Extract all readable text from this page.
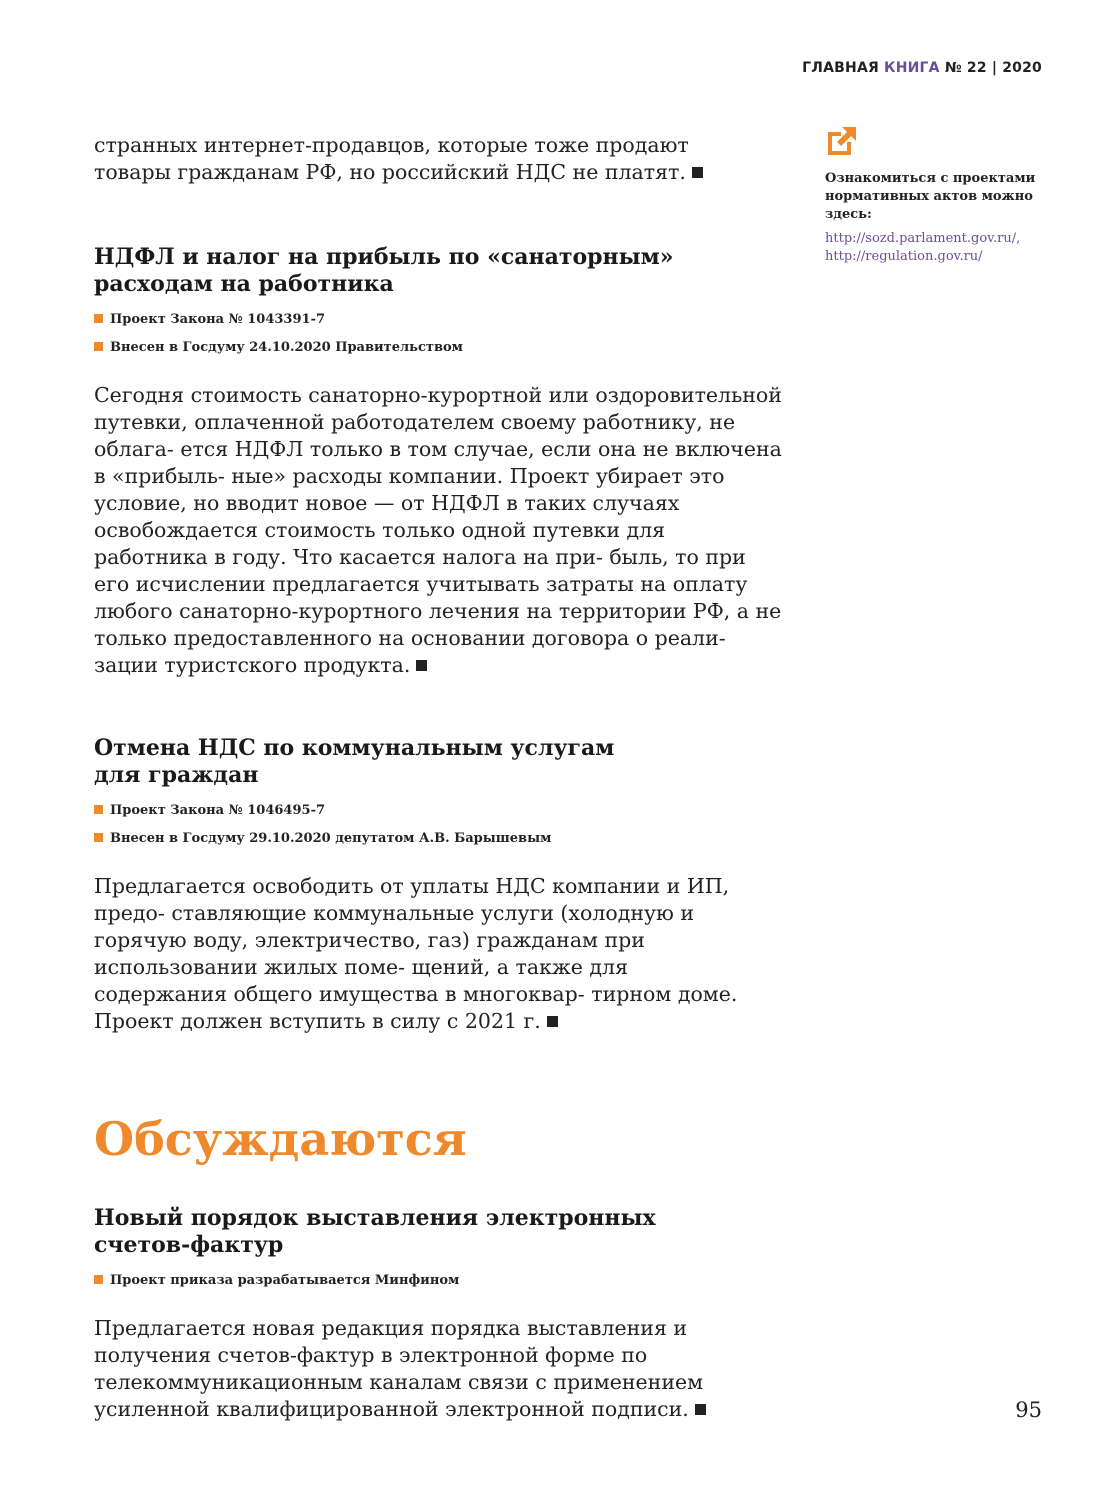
ГЛАВНАЯ КНИГА № 22 | 2020

странных интернет-продавцов, которые тоже продают товары гражданам РФ, но российский НДС не платят.

НДФЛ и налог на прибыль по «санаторным» расходам на работника

Проект Закона № 1043391-7

Внесен в Госдуму 24.10.2020 Правительством

Сегодня стоимость санаторно-курортной или оздоровительной путевки, оплаченной работодателем своему работнику, не облага- ется НДФЛ только в том случае, если она не включена в «прибыль- ные» расходы компании. Проект убирает это условие, но вводит новое — от НДФЛ в таких случаях освобождается стоимость только одной путевки для работника в году. Что касается налога на при- быль, то при его исчислении предлагается учитывать затраты на оплату любого санаторно-курортного лечения на территории РФ, а не только предоставленного на основании договора о реали- зации туристского продукта.

Отмена НДС по коммунальным услугам для граждан

Проект Закона № 1046495-7

Внесен в Госдуму 29.10.2020 депутатом А.В. Барышевым

Предлагается освободить от уплаты НДС компании и ИП, предо- ставляющие коммунальные услуги (холодную и горячую воду, электричество, газ) гражданам при использовании жилых поме- щений, а также для содержания общего имущества в многоквар- тирном доме. Проект должен вступить в силу с 2021 г.

Обсуждаются

Новый порядок выставления электронных счетов-фактур

Проект приказа разрабатывается Минфином

Предлагается новая редакция порядка выставления и получения счетов-фактур в электронной форме по телекоммуникационным каналам связи с применением усиленной квалифицированной электронной подписи.

Ознакомиться с проектами нормативных актов можно здесь:

http://sozd.parlament.gov.ru/,

http://regulation.gov.ru/

95
